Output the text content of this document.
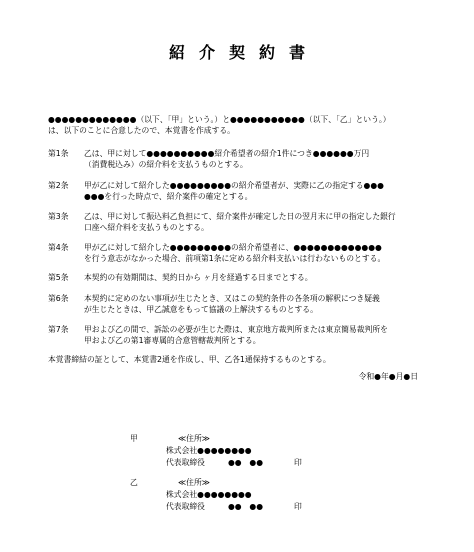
紹介契約書
●●●●●●●●●●●●●（以下、「甲」という。）と●●●●●●●●●●●（以下、「乙」という。）
は、以下のことに合意したので、本覚書を作成する。
第1条 乙は、甲に対して●●●●●●●●●●紹介希望者の紹介1件につき●●●●●●万円
（消費税込み）の紹介料を支払うものとする。
第2条 甲が乙に対して紹介した●●●●●●●●●の紹介希望者が、実際に乙の指定する●●●
●●●を行った時点で、紹介案件の確定とする。
第3条 乙は、甲に対して振込料乙負担にて、紹介案件が確定した日の翌月末に甲の指定した銀行
口座へ紹介料を支払うものとする。
第4条 甲が乙に対して紹介した●●●●●●●●●の紹介希望者に、●●●●●●●●●●●●●
を行う意志がなかった場合、前項第1条に定める紹介料支払いは行わないものとする。
第5条 本契約の有効期間は、契約日から ヶ月を経過する日までとする。
第6条 本契約に定めのない事項が生じたとき、又はこの契約条件の各条項の解釈につき疑義
が生じたときは、甲乙誠意をもって協議の上解決するものとする。
第7条 甲および乙の間で、訴訟の必要が生じた際は、東京地方裁判所または東京簡易裁判所を
甲および乙の第1審専属的合意管轄裁判所とする。
本覚書締結の証として、本覚書2通を作成し、甲、乙各1通保持するものとする。
令和●年●月●日
甲	≪住所≫
株式会社●●●●●●●●
代表取締役	●●　●●	印
乙	≪住所≫
株式会社●●●●●●●●
代表取締役	●●　●●	印
